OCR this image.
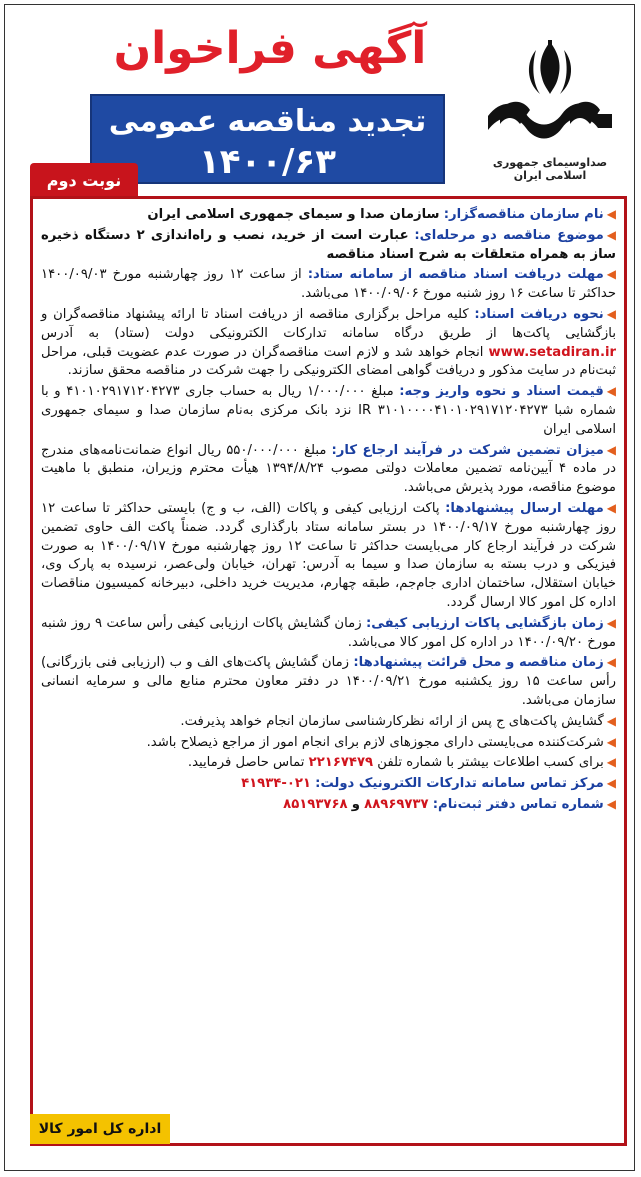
آگهی فراخوان
تجدید مناقصه عمومی
۱۴۰۰/۶۳	صداوسیمای جمهوری اسلامی ایران
نوبت دوم
◀نام سازمان مناقصه‌گزار: سازمان صدا و سیمای جمهوری اسلامی ایران
◀موضوع مناقصه دو مرحله‌ای: عبارت است از خرید، نصب و راه‌اندازی ۲ دستگاه ذخیره ساز به همراه متعلقات به شرح اسناد مناقصه
◀مهلت دریافت اسناد مناقصه از سامانه ستاد: از ساعت ۱۲ روز چهارشنبه مورخ ۱۴۰۰/۰۹/۰۳ حداکثر تا ساعت ۱۶ روز شنبه مورخ ۱۴۰۰/۰۹/۰۶ می‌باشد.
◀نحوه دریافت اسناد: کلیه مراحل برگزاری مناقصه از دریافت اسناد تا ارائه پیشنهاد مناقصه‌گران و بازگشایی پاکت‌ها از طریق درگاه سامانه تدارکات الکترونیکی دولت (ستاد) به آدرس www.setadiran.ir انجام خواهد شد و لازم است مناقصه‌گران در صورت عدم عضویت قبلی، مراحل ثبت‌نام در سایت مذکور و دریافت گواهی امضای الکترونیکی را جهت شرکت در مناقصه محقق سازند.
◀قیمت اسناد و نحوه واریز وجه: مبلغ ۱/۰۰۰/۰۰۰ ریال به حساب جاری ۴۱۰۱۰۲۹۱۷۱۲۰۴۲۷۳ و با شماره شبا IR ۳۱۰۱۰۰۰۰۴۱۰۱۰۲۹۱۷۱۲۰۴۲۷۳ نزد بانک مرکزی به‌نام سازمان صدا و سیمای جمهوری اسلامی ایران
◀میزان تضمین شرکت در فرآیند ارجاع کار: مبلغ ۵۵۰/۰۰۰/۰۰۰ ریال انواع ضمانت‌نامه‌های مندرج در ماده ۴ آیین‌نامه تضمین معاملات دولتی مصوب ۱۳۹۴/۸/۲۴ هیأت محترم وزیران، منطبق با ماهیت موضوع مناقصه، مورد پذیرش می‌باشد.
◀مهلت ارسال پیشنهادها: پاکت ارزیابی کیفی و پاکات (الف، ب و ج) بایستی حداکثر تا ساعت ۱۲ روز چهارشنبه مورخ ۱۴۰۰/۰۹/۱۷ در بستر سامانه ستاد بارگذاری گردد. ضمناً پاکت الف حاوی تضمین شرکت در فرآیند ارجاع کار می‌بایست حداکثر تا ساعت ۱۲ روز چهارشنبه مورخ ۱۴۰۰/۰۹/۱۷ به صورت فیزیکی و درب بسته به سازمان صدا و سیما به آدرس: تهران، خیابان ولی‌عصر، نرسیده به پارک وی، خیابان استقلال، ساختمان اداری جام‌جم، طبقه چهارم، مدیریت خرید داخلی، دبیرخانه کمیسیون مناقصات اداره کل امور کالا ارسال گردد.
◀زمان بازگشایی پاکات ارزیابی کیفی: زمان گشایش پاکات ارزیابی کیفی رأس ساعت ۹ روز شنبه مورخ ۱۴۰۰/۰۹/۲۰ در اداره کل امور کالا می‌باشد.
◀زمان مناقصه و محل قرائت پیشنهادها: زمان گشایش پاکت‌های الف و ب (ارزیابی فنی بازرگانی) رأس ساعت ۱۵ روز یکشنبه مورخ ۱۴۰۰/۰۹/۲۱ در دفتر معاون محترم منابع مالی و سرمایه انسانی سازمان می‌باشد.
◀گشایش پاکت‌های ج پس از ارائه نظرکارشناسی سازمان انجام خواهد پذیرفت.
◀شرکت‌کننده می‌بایستی دارای مجوزهای لازم برای انجام امور از مراجع ذیصلاح باشد.
◀برای کسب اطلاعات بیشتر با شماره تلفن ۲۲۱۶۷۴۷۹ تماس حاصل فرمایید.
◀مرکز تماس سامانه تدارکات الکترونیک دولت: ۰۲۱-۴۱۹۳۴
◀شماره تماس دفتر ثبت‌نام: ۸۸۹۶۹۷۳۷ و ۸۵۱۹۳۷۶۸
اداره کل امور کالا
